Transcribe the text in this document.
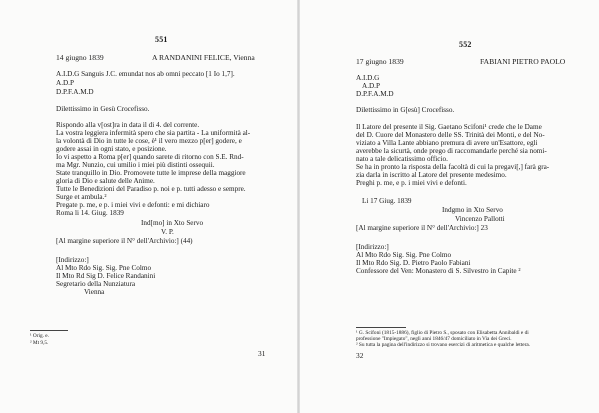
551
14 giugno 1839	A RANDANINI FELICE, Vienna
A.I.D.G Sanguis J.C. emundat nos ab omni peccato [1 Io 1,7].
A.D.P
D.P.F.A.M.D
Dilettissimo in Gesù Crocefisso.
Rispondo alla v[ost]ra in data il di 4. del corrente.
La vostra leggiera infermità spero che sia partita - La uniformità al-
la volontà di Dio in tutte le cose, è¹ il vero mezzo p[er] godere, e
godere assai in ogni stato, e posizione.
Io vi aspetto a Roma p[er] quando sarete di ritorno con S.E. Rnd-
ma Mgr. Nunzio, cui umilio i miei più distinti ossequii.
State tranquillo in Dio. Promovete tutte le imprese della maggiore
gloria di Dio e salute delle Anime.
Tutte le Benedizioni del Paradiso p. noi e p. tutti adesso e sempre.
Surge et ambula.²
Pregate p. me, e p. i miei vivi e defonti: e mi dichiaro
Roma li 14. Giug. 1839
Ind[mo] in Xto Servo
V. P.
[Al margine superiore il N° dell'Archivio:] (44)
[Indirizzo:]
Al Mto Rdo Sig. Sig. Pne Colmo
Il Mto Rd Sig D. Felice Randanini
Segretario della Nunziatura
Vienna
¹ Orig. e.
² Mt 9,5.
31
552
17 giugno 1839	FABIANI PIETRO PAOLO
A.I.D.G
A.D.P
D.P.F.A.M.D
Dilettissimo in G[esù] Crocefisso.
Il Latore del presente il Sig. Gaetano Scifoni¹ crede che le Dame
del D. Cuore del Monastero delle SS. Trinità dei Monti, e del No-
viziato a Villa Lante abbiano premura di avere un'Esattore, egli
averebbe la sicurtà, onde prego di raccomandarle perché sia nomi-
nato a tale delicatissimo officio.
Se ha in pronto la risposta della facoltà di cui la pregavi[,] farà gra-
zia darla in iscritto al Latore del presente medesimo.
Preghi p. me, e p. i miei vivi e defonti.
Li 17 Giug. 1839
Indgmo in Xto Servo
Vincenzo Pallotti
[Al margine superiore il N° dell'Archivio:] 23
[Indirizzo:]
Al Mto Rdo Sig. Sig. Pne Colmo
Il Mto Rdo Sig. D. Pietro Paolo Fabiani
Confessore del Ven: Monastero di S. Silvestro in Capite ²
¹ G. Scifoni (1815-1886), figlio di Pietro S., sposato con Elisabetta Annibaldi e di
professione "Impiegato", negli anni 1846/47 domiciliato in Via dei Greci.
² Su tutta la pagina dell'indirizzo si trovano esercizi di aritmetica e qualche lettera.
32
